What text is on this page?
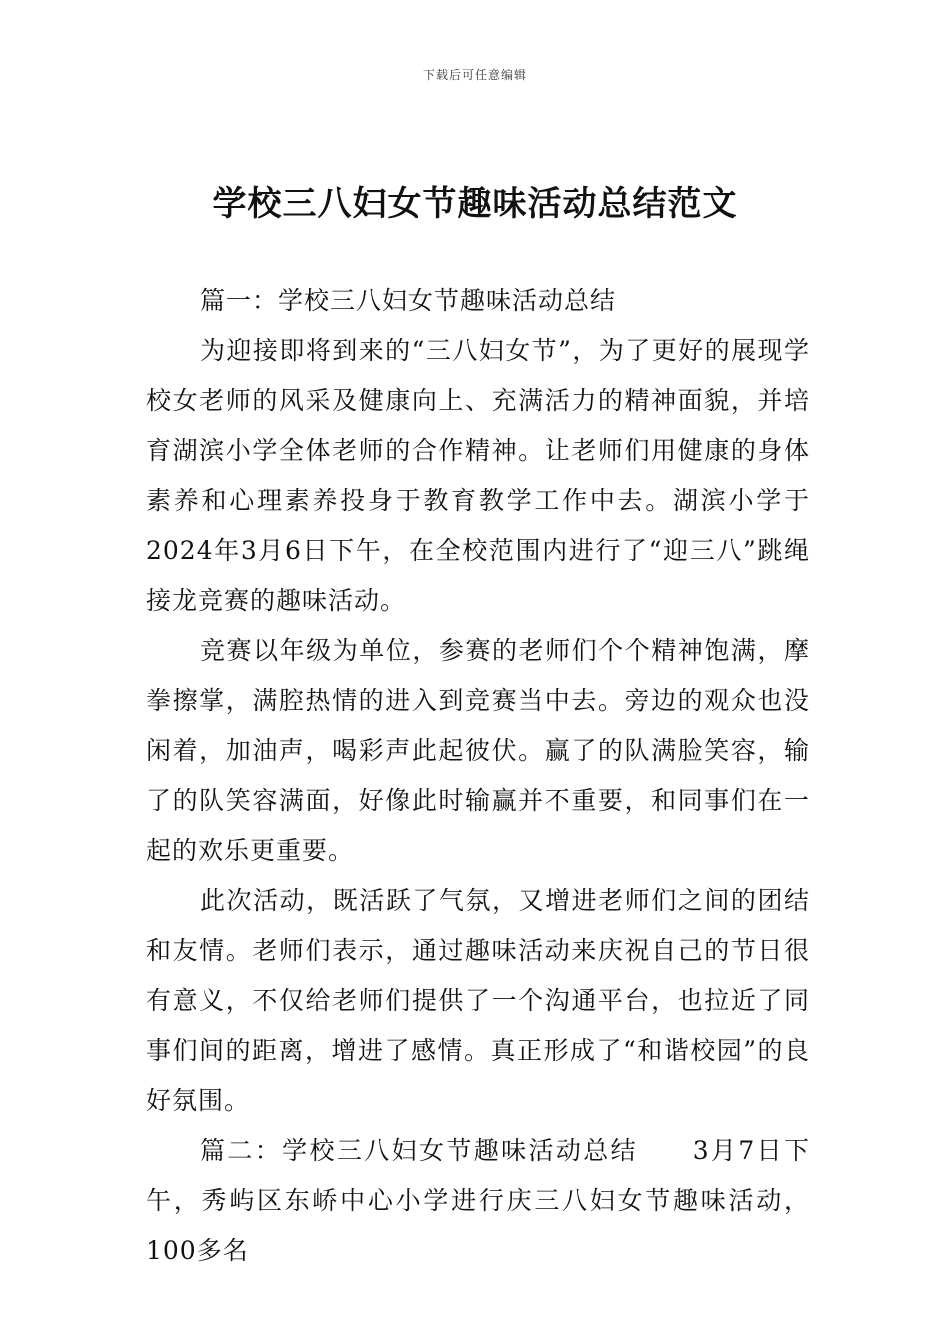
下载后可任意编辑
学校三八妇女节趣味活动总结范文

篇一：学校三八妇女节趣味活动总结

为迎接即将到来的“三八妇女节”，为了更好的展现学校女老师的风采及健康向上、充满活力的精神面貌，并培育湖滨小学全体老师的合作精神。让老师们用健康的身体素养和心理素养投身于教育教学工作中去。湖滨小学于2024年3月6日下午，在全校范围内进行了“迎三八”跳绳接龙竞赛的趣味活动。

竞赛以年级为单位，参赛的老师们个个精神饱满，摩拳擦掌，满腔热情的进入到竞赛当中去。旁边的观众也没闲着，加油声，喝彩声此起彼伏。赢了的队满脸笑容，输了的队笑容满面，好像此时输赢并不重要，和同事们在一起的欢乐更重要。

此次活动，既活跃了气氛，又增进老师们之间的团结和友情。老师们表示，通过趣味活动来庆祝自己的节日很有意义，不仅给老师们提供了一个沟通平台，也拉近了同事们间的距离，增进了感情。真正形成了“和谐校园”的良好氛围。

篇二：学校三八妇女节趣味活动总结　　3月7日下午，秀屿区东峤中心小学进行庆三八妇女节趣味活动，100多名
